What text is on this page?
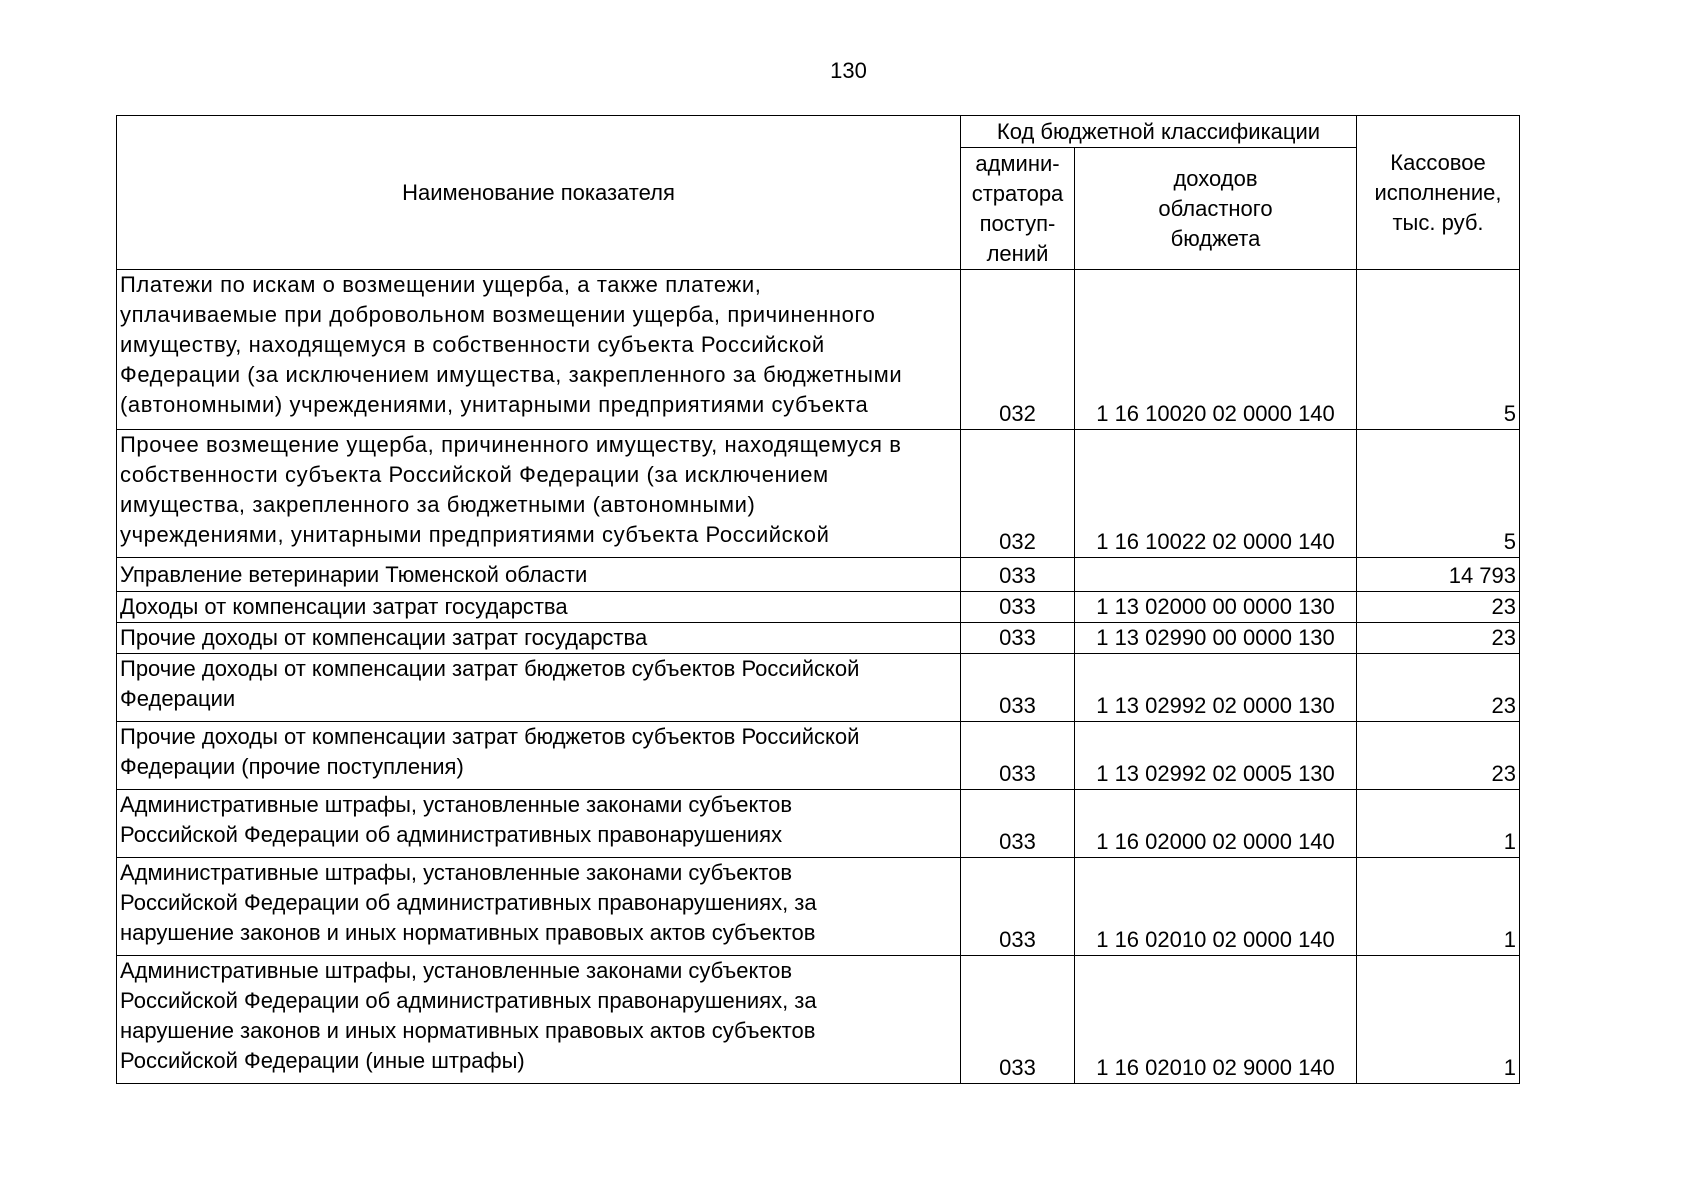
130
Наименование показателя	Код бюджетной классификации		Кассовое
исполнение,
тыс. руб.
	админи-
стратора
поступ-
лений	доходов
областного
бюджета	
Платежи по искам о возмещении ущерба, а также платежи,
уплачиваемые при добровольном возмещении ущерба, причиненного
имуществу, находящемуся в собственности субъекта Российской
Федерации (за исключением имущества, закрепленного за бюджетными
(автономными) учреждениями, унитарными предприятиями субъекта	032	1 16 10020 02 0000 140	5
Прочее возмещение ущерба, причиненного имуществу, находящемуся в
собственности субъекта Российской Федерации (за исключением
имущества, закрепленного за бюджетными (автономными)
учреждениями, унитарными предприятиями субъекта Российской	032	1 16 10022 02 0000 140	5
Управление ветеринарии Тюменской области	033		14 793
Доходы от компенсации затрат государства	033	1 13 02000 00 0000 130	23
Прочие доходы от компенсации затрат государства	033	1 13 02990 00 0000 130	23
Прочие доходы от компенсации затрат бюджетов субъектов Российской
Федерации	033	1 13 02992 02 0000 130	23
Прочие доходы от компенсации затрат бюджетов субъектов Российской
Федерации (прочие поступления)	033	1 13 02992 02 0005 130	23
Административные штрафы, установленные законами субъектов
Российской Федерации об административных правонарушениях	033	1 16 02000 02 0000 140	1
Административные штрафы, установленные законами субъектов
Российской Федерации об административных правонарушениях, за
нарушение законов и иных нормативных правовых актов субъектов	033	1 16 02010 02 0000 140	1
Административные штрафы, установленные законами субъектов
Российской Федерации об административных правонарушениях, за
нарушение законов и иных нормативных правовых актов субъектов
Российской Федерации (иные штрафы)	033	1 16 02010 02 9000 140	1
